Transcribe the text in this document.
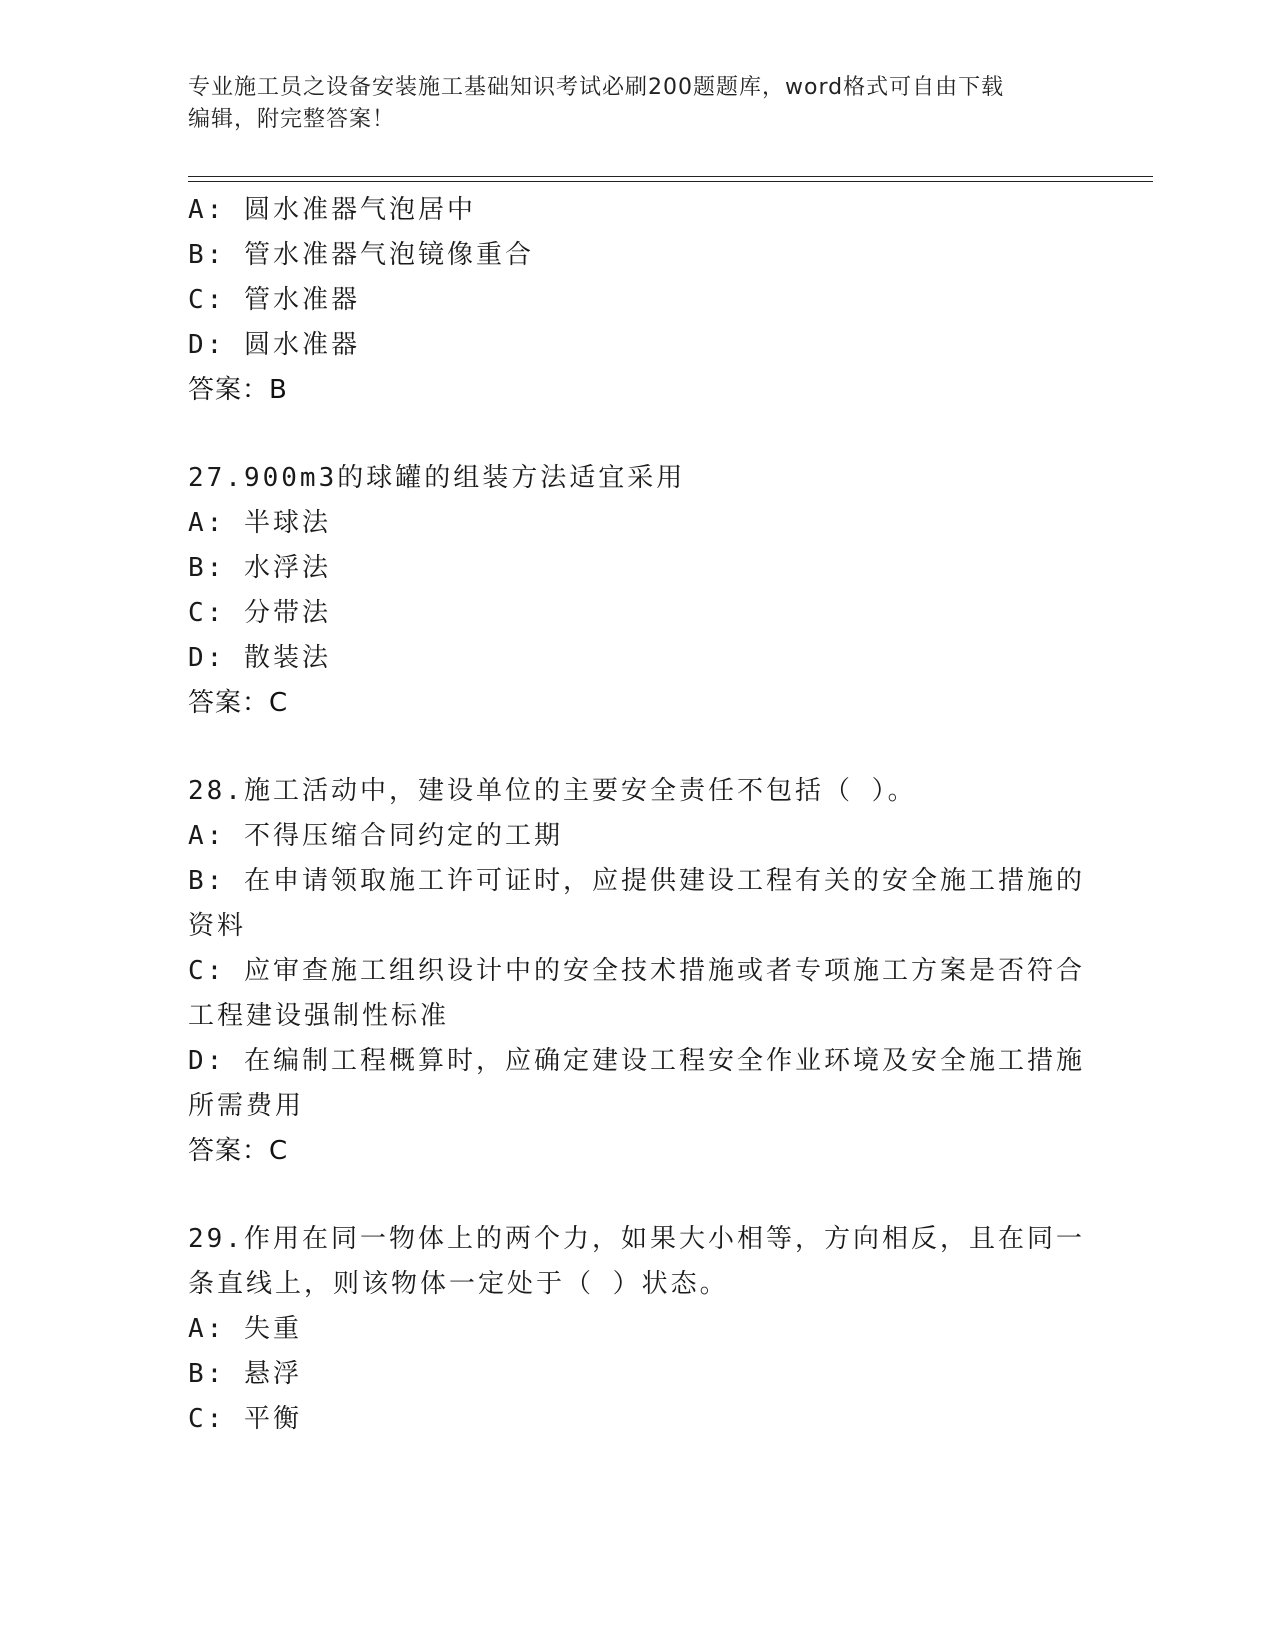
专业施工员之设备安装施工基础知识考试必刷200题题库，word格式可自由下载
编辑，附完整答案！
A: 圆水准器气泡居中
B: 管水准器气泡镜像重合
C: 管水准器
D: 圆水准器
答案：B
27.900m3的球罐的组装方法适宜采用
A: 半球法
B: 水浮法
C: 分带法
D: 散装法
答案：C
28.施工活动中，建设单位的主要安全责任不包括（ ）。
A: 不得压缩合同约定的工期
B: 在申请领取施工许可证时，应提供建设工程有关的安全施工措施的
资料
C: 应审查施工组织设计中的安全技术措施或者专项施工方案是否符合
工程建设强制性标准
D: 在编制工程概算时，应确定建设工程安全作业环境及安全施工措施
所需费用
答案：C
29.作用在同一物体上的两个力，如果大小相等，方向相反，且在同一
条直线上，则该物体一定处于（ ）状态。
A: 失重
B: 悬浮
C: 平衡
